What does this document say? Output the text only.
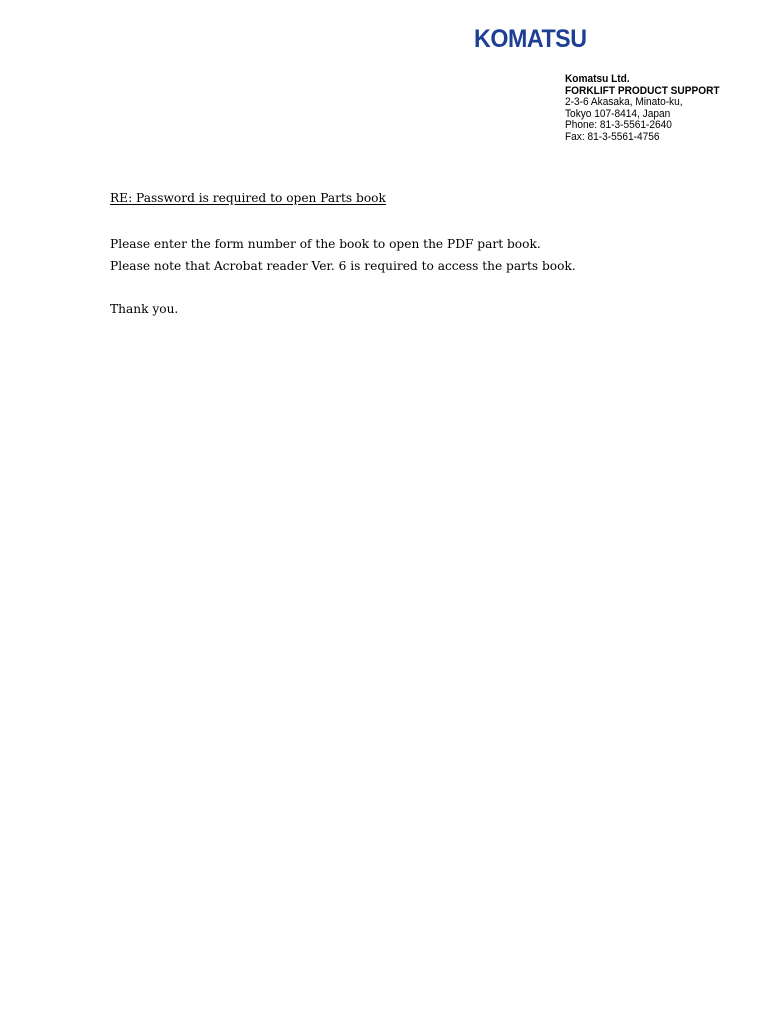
KOMATSU
Komatsu Ltd.
FORKLIFT PRODUCT SUPPORT
2-3-6 Akasaka, Minato-ku,
Tokyo 107-8414, Japan
Phone: 81-3-5561-2640
Fax: 81-3-5561-4756

RE: Password is required to open Parts book

Please enter the form number of the book to open the PDF part book.

Please note that Acrobat reader Ver. 6 is required to access the parts book.

Thank you.
